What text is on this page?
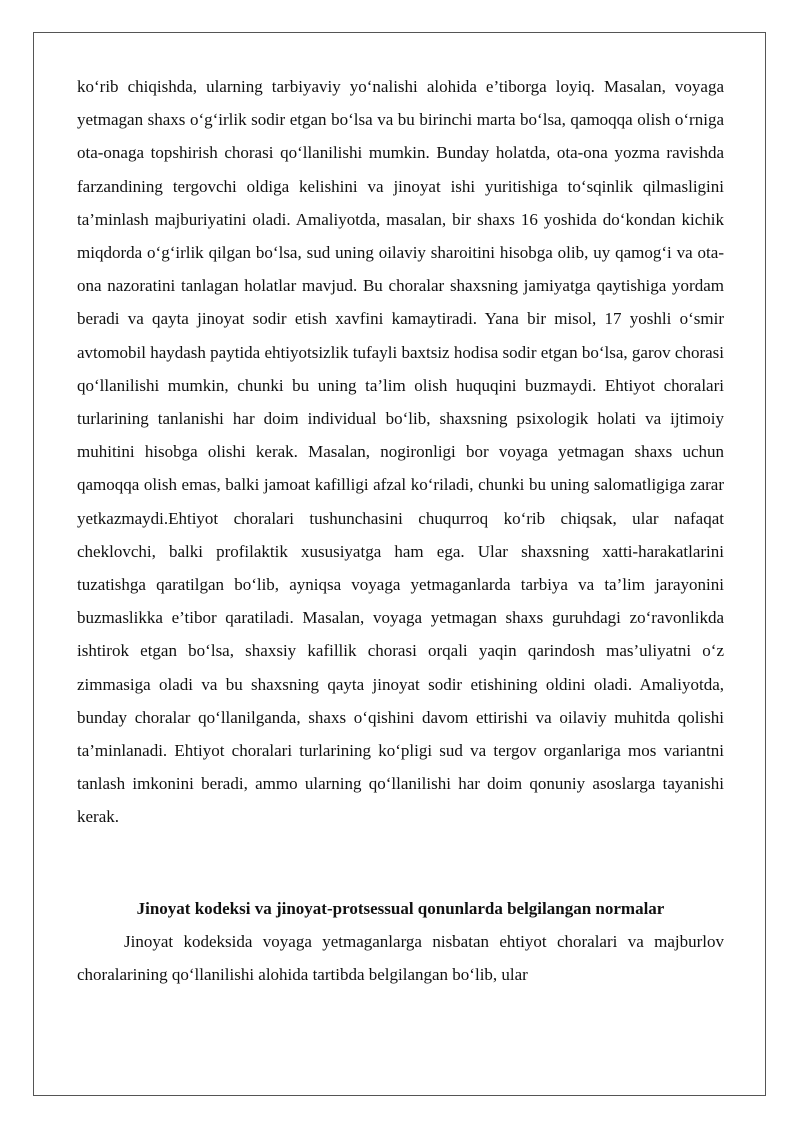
ko‘rib chiqishda, ularning tarbiyaviy yo‘nalishi alohida e’tiborga loyiq. Masalan, voyaga yetmagan shaxs o‘g‘irlik sodir etgan bo‘lsa va bu birinchi marta bo‘lsa, qamoqqa olish o‘rniga ota-onaga topshirish chorasi qo‘llanilishi mumkin. Bunday holatda, ota-ona yozma ravishda farzandining tergovchi oldiga kelishini va jinoyat ishi yuritishiga to‘sqinlik qilmasligini ta’minlash majburiyatini oladi. Amaliyotda, masalan, bir shaxs 16 yoshida do‘kondan kichik miqdorda o‘g‘irlik qilgan bo‘lsa, sud uning oilaviy sharoitini hisobga olib, uy qamog‘i va ota-ona nazoratini tanlagan holatlar mavjud. Bu choralar shaxsning jamiyatga qaytishiga yordam beradi va qayta jinoyat sodir etish xavfini kamaytiradi. Yana bir misol, 17 yoshli o‘smir avtomobil haydash paytida ehtiyotsizlik tufayli baxtsiz hodisa sodir etgan bo‘lsa, garov chorasi qo‘llanilishi mumkin, chunki bu uning ta’lim olish huquqini buzmaydi. Ehtiyot choralari turlarining tanlanishi har doim individual bo‘lib, shaxsning psixologik holati va ijtimoiy muhitini hisobga olishi kerak. Masalan, nogironligi bor voyaga yetmagan shaxs uchun qamoqqa olish emas, balki jamoat kafilligi afzal ko‘riladi, chunki bu uning salomatligiga zarar yetkazmaydi.Ehtiyot choralari tushunchasini chuqurroq ko‘rib chiqsak, ular nafaqat cheklovchi, balki profilaktik xususiyatga ham ega. Ular shaxsning xatti-harakatlarini tuzatishga qaratilgan bo‘lib, ayniqsa voyaga yetmaganlarda tarbiya va ta’lim jarayonini buzmaslikka e’tibor qaratiladi. Masalan, voyaga yetmagan shaxs guruhdagi zo‘ravonlikda ishtirok etgan bo‘lsa, shaxsiy kafillik chorasi orqali yaqin qarindosh mas’uliyatni o‘z zimmasiga oladi va bu shaxsning qayta jinoyat sodir etishining oldini oladi. Amaliyotda, bunday choralar qo‘llanilganda, shaxs o‘qishini davom ettirishi va oilaviy muhitda qolishi ta’minlanadi. Ehtiyot choralari turlarining ko‘pligi sud va tergov organlariga mos variantni tanlash imkonini beradi, ammo ularning qo‘llanilishi har doim qonuniy asoslarga tayanishi kerak.

Jinoyat kodeksi va jinoyat-protsessual qonunlarda belgilangan normalar

Jinoyat kodeksida voyaga yetmaganlarga nisbatan ehtiyot choralari va majburlov choralarining qo‘llanilishi alohida tartibda belgilangan bo‘lib, ular
